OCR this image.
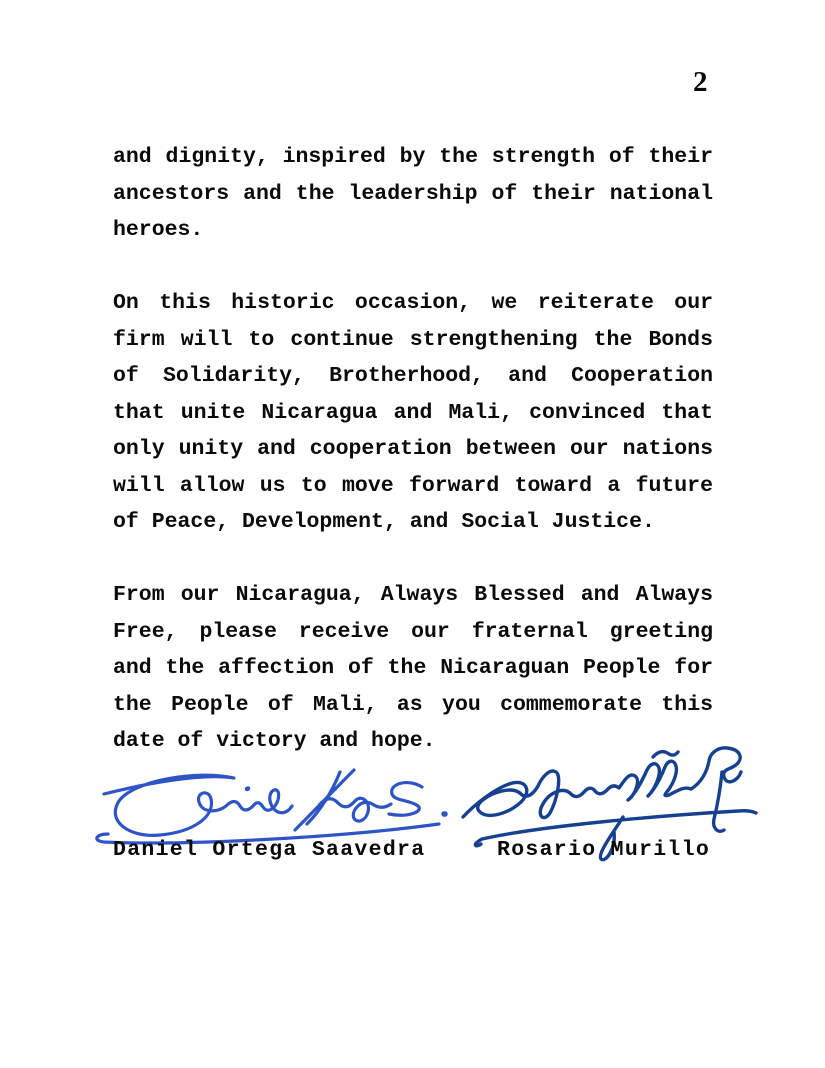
2

and dignity, inspired by the strength of their ancestors and the leadership of their national heroes.

On this historic occasion, we reiterate our firm will to continue strengthening the Bonds of Solidarity, Brotherhood, and Cooperation that unite Nicaragua and Mali, convinced that only unity and cooperation between our nations will allow us to move forward toward a future of Peace, Development, and Social Justice.

From our Nicaragua, Always Blessed and Always Free, please receive our fraternal greeting and the affection of the Nicaraguan People for the People of Mali, as you commemorate this date of victory and hope.

Daniel Ortega Saavedra	Rosario Murillo
